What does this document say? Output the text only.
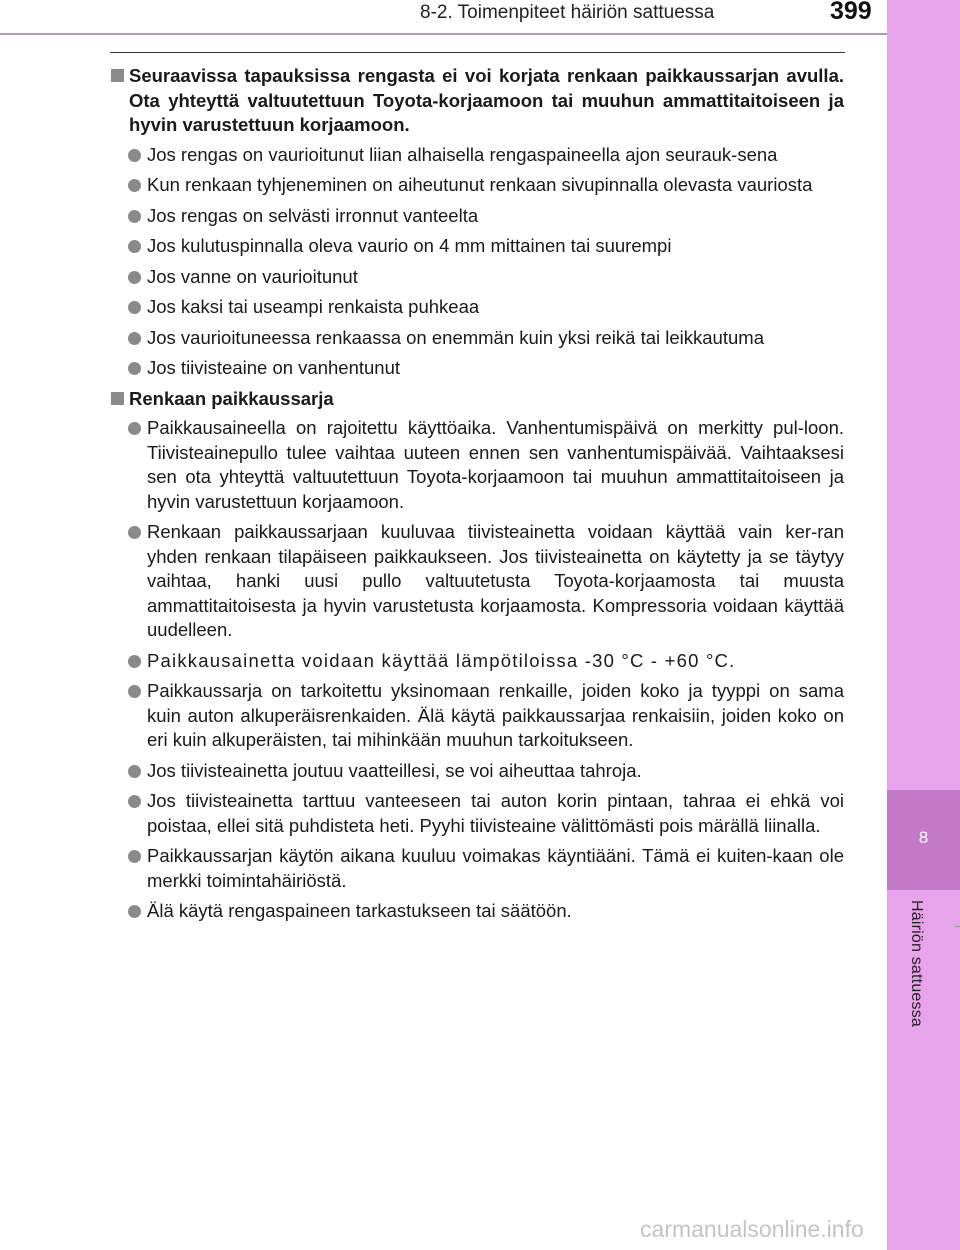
8-2. Toimenpiteet häiriön sattuessa	399
8
Häiriön sattuessa
Seuraavissa tapauksissa rengasta ei voi korjata renkaan paikkaussarjan avulla. Ota yhteyttä valtuutettuun Toyota-korjaamoon tai muuhun ammattitaitoiseen ja hyvin varustettuun korjaamoon.
Jos rengas on vaurioitunut liian alhaisella rengaspaineella ajon seurauk-sena
Kun renkaan tyhjeneminen on aiheutunut renkaan sivupinnalla olevasta vauriosta
Jos rengas on selvästi irronnut vanteelta
Jos kulutuspinnalla oleva vaurio on 4 mm mittainen tai suurempi
Jos vanne on vaurioitunut
Jos kaksi tai useampi renkaista puhkeaa
Jos vaurioituneessa renkaassa on enemmän kuin yksi reikä tai leikkautuma
Jos tiivisteaine on vanhentunut
Renkaan paikkaussarja
Paikkausaineella on rajoitettu käyttöaika. Vanhentumispäivä on merkitty pul-loon. Tiivisteainepullo tulee vaihtaa uuteen ennen sen vanhentumispäivää. Vaihtaaksesi sen ota yhteyttä valtuutettuun Toyota-korjaamoon tai muuhun ammattitaitoiseen ja hyvin varustettuun korjaamoon.
Renkaan paikkaussarjaan kuuluvaa tiivisteainetta voidaan käyttää vain ker-ran yhden renkaan tilapäiseen paikkaukseen. Jos tiivisteainetta on käytetty ja se täytyy vaihtaa, hanki uusi pullo valtuutetusta Toyota-korjaamosta tai muusta ammattitaitoisesta ja hyvin varustetusta korjaamosta. Kompressoria voidaan käyttää uudelleen.
Paikkausainetta voidaan käyttää lämpötiloissa -30 °C - +60 °C.
Paikkaussarja on tarkoitettu yksinomaan renkaille, joiden koko ja tyyppi on sama kuin auton alkuperäisrenkaiden. Älä käytä paikkaussarjaa renkaisiin, joiden koko on eri kuin alkuperäisten, tai mihinkään muuhun tarkoitukseen.
Jos tiivisteainetta joutuu vaatteillesi, se voi aiheuttaa tahroja.
Jos tiivisteainetta tarttuu vanteeseen tai auton korin pintaan, tahraa ei ehkä voi poistaa, ellei sitä puhdisteta heti. Pyyhi tiivisteaine välittömästi pois märällä liinalla.
Paikkaussarjan käytön aikana kuuluu voimakas käyntiääni. Tämä ei kuiten-kaan ole merkki toimintahäiriöstä.
Älä käytä rengaspaineen tarkastukseen tai säätöön.
carmanualsonline.info
